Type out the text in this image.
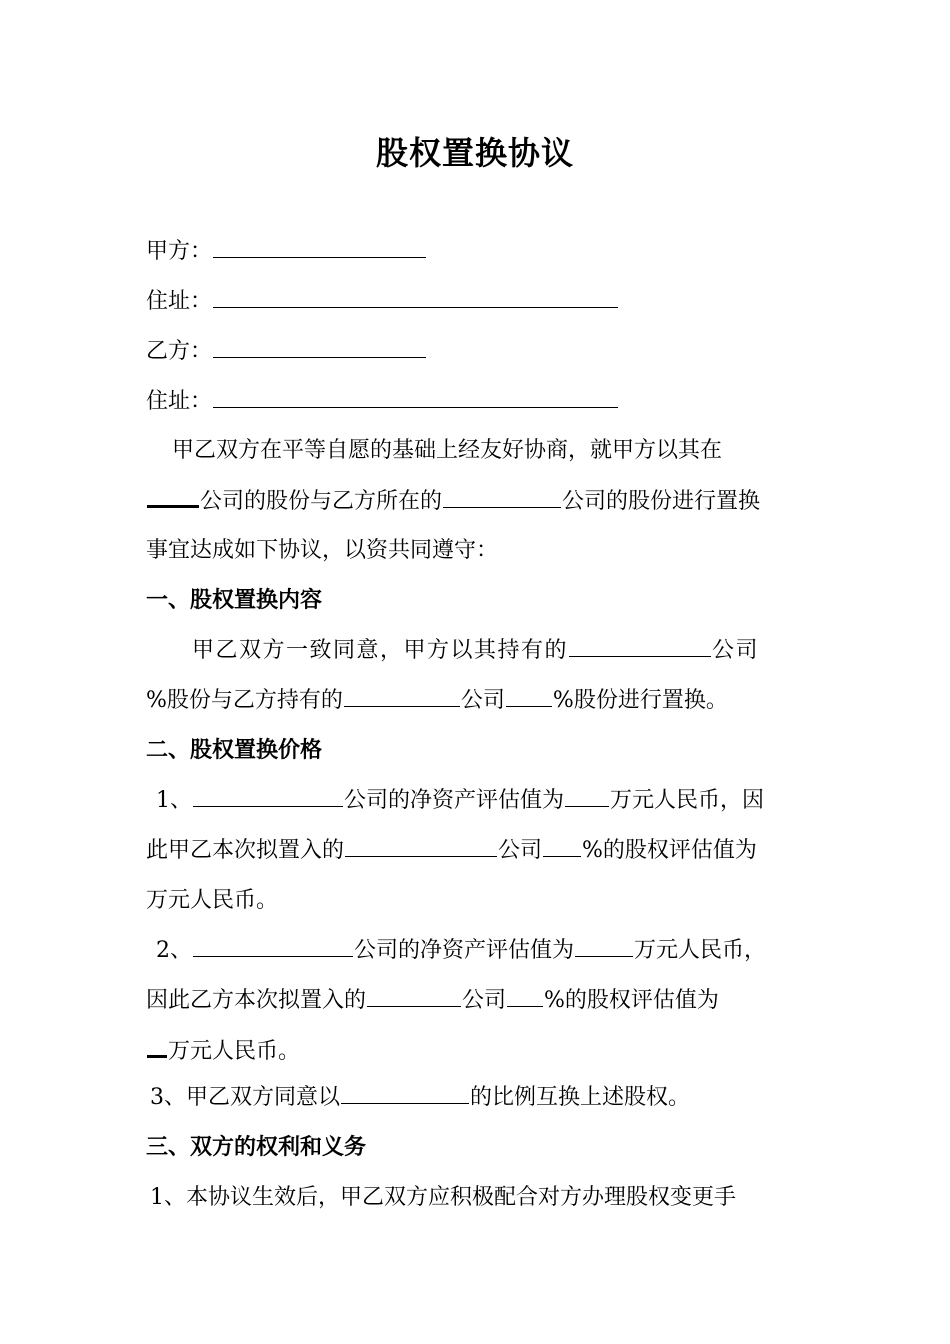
股权置换协议
甲方：
住址：
乙方：
住址：
甲乙双方在平等自愿的基础上经友好协商，就甲方以其在
公司的股份与乙方所在的	公司的股份进行置换
事宜达成如下协议，以资共同遵守：
一、股权置换内容
甲乙双方一致同意，甲方以其持有的	公司
%股份与乙方持有的	公司 %股份进行置换。
二、股权置换价格
1、	公司的净资产评估值为 万元人民币，因
此甲乙本次拟置入的	公司 %的股权评估值为
万元人民币。
2、	公司的净资产评估值为	万元人民币，
因此乙方本次拟置入的	公司 %的股权评估值为
万元人民币。
3、甲乙双方同意以	的比例互换上述股权。
三、双方的权利和义务
1、本协议生效后，甲乙双方应积极配合对方办理股权变更手
